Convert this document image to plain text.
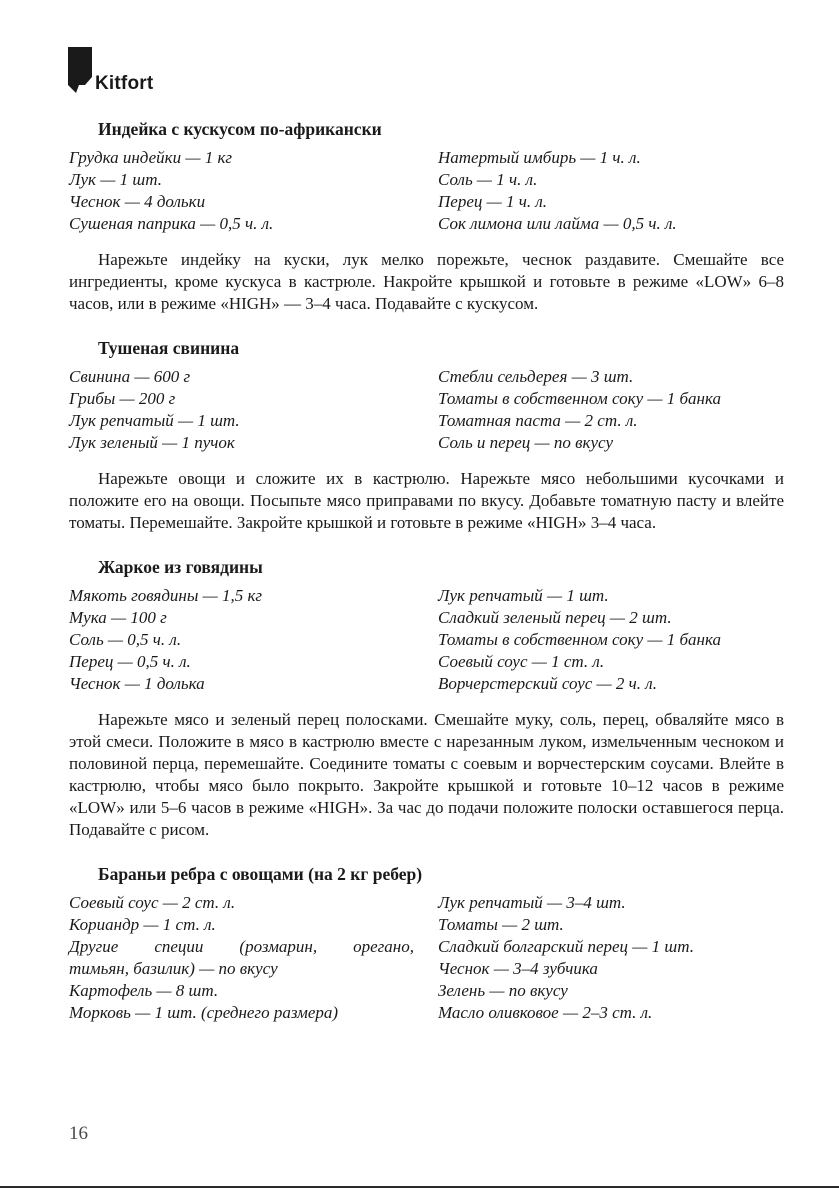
Kitfort
Индейка с кускусом по-африкански
Грудка индейки — 1 кг
Лук — 1 шт.
Чеснок — 4 дольки
Сушеная паприка — 0,5 ч. л.
Натертый имбирь — 1 ч. л.
Соль — 1 ч. л.
Перец — 1 ч. л.
Сок лимона или лайма — 0,5 ч. л.

Нарежьте индейку на куски, лук мелко порежьте, чеснок раздавите. Смешайте все ингредиенты, кроме кускуса в кастрюле. Накройте крышкой и готовьте в режиме «LOW» 6–8 часов, или в режиме «HIGH» — 3–4 часа. Подавайте с кускусом.

Тушеная свинина
Свинина — 600 г
Грибы — 200 г
Лук репчатый — 1 шт.
Лук зеленый — 1 пучок
Стебли сельдерея — 3 шт.
Томаты в собственном соку — 1 банка
Томатная паста — 2 ст. л.
Соль и перец — по вкусу

Нарежьте овощи и сложите их в кастрюлю. Нарежьте мясо небольшими кусочками и положите его на овощи. Посыпьте мясо приправами по вкусу. Добавьте томатную пасту и влейте томаты. Перемешайте. Закройте крышкой и готовьте в режиме «HIGH» 3–4 часа.

Жаркое из говядины
Мякоть говядины — 1,5 кг
Мука — 100 г
Соль — 0,5 ч. л.
Перец — 0,5 ч. л.
Чеснок — 1 долька
Лук репчатый — 1 шт.
Сладкий зеленый перец — 2 шт.
Томаты в собственном соку — 1 банка
Соевый соус — 1 ст. л.
Ворчерстерский соус — 2 ч. л.

Нарежьте мясо и зеленый перец полосками. Смешайте муку, соль, перец, обваляйте мясо в этой смеси. Положите в мясо в кастрюлю вместе с нарезанным луком, измельченным чесноком и половиной перца, перемешайте. Соедините томаты с соевым и ворчестерским соусами. Влейте в кастрюлю, чтобы мясо было покрыто. Закройте крышкой и готовьте 10–12 часов в режиме «LOW» или 5–6 часов в режиме «HIGH». За час до подачи положите полоски оставшегося перца. Подавайте с рисом.

Бараньи ребра с овощами (на 2 кг ребер)
Соевый соус — 2 ст. л.
Кориандр — 1 ст. л.
Другие специи (розмарин, орегано,
тимьян, базилик) — по вкусу
Картофель — 8 шт.
Морковь — 1 шт. (среднего размера)
Лук репчатый — 3–4 шт.
Томаты — 2 шт.
Сладкий болгарский перец — 1 шт.
Чеснок — 3–4 зубчика
Зелень — по вкусу
Масло оливковое — 2–3 ст. л.
16
